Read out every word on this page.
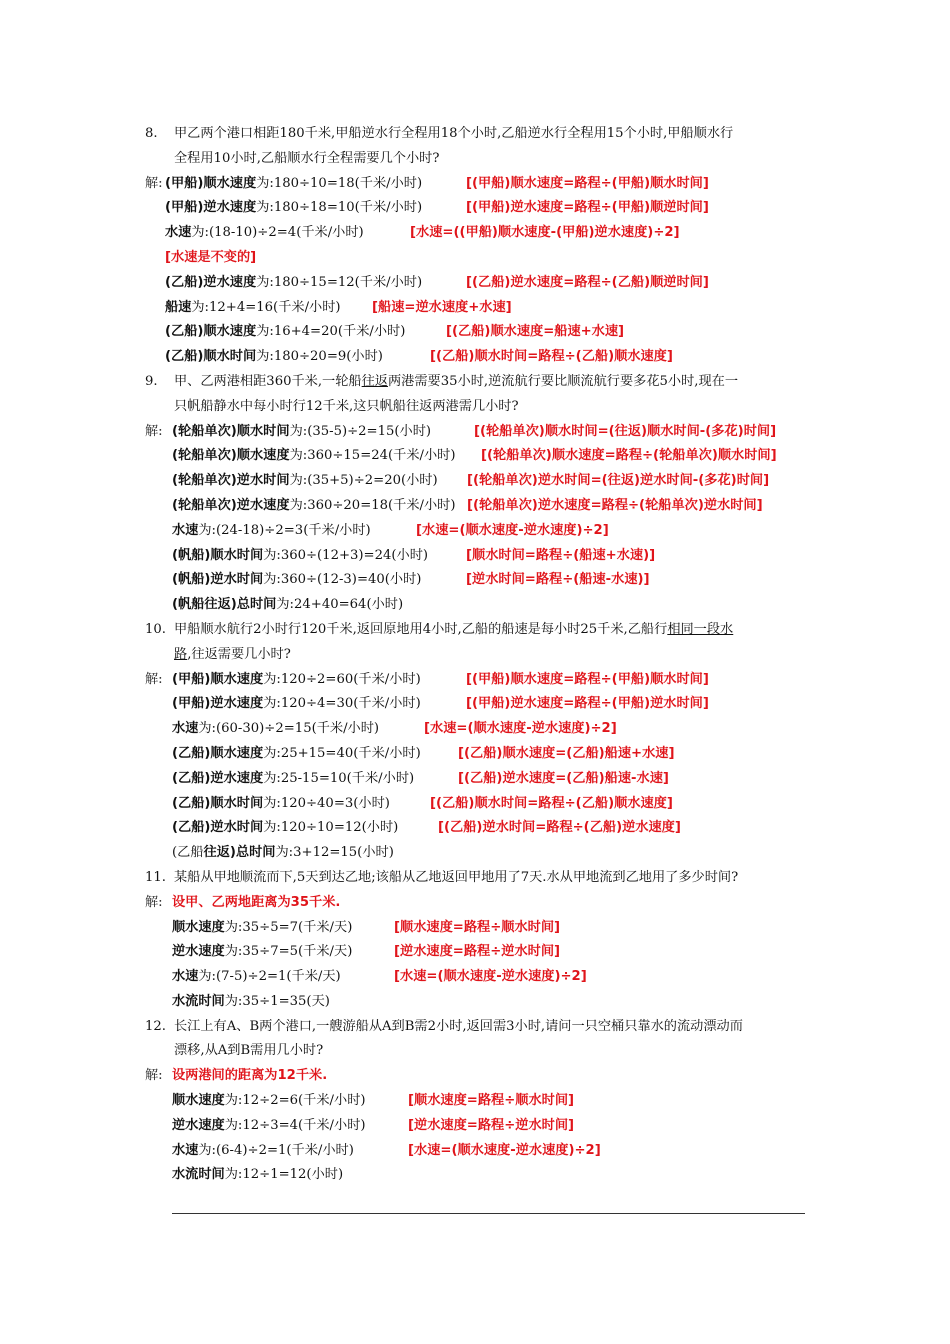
8. 甲乙两个港口相距180千米,甲船逆水行全程用18个小时,乙船逆水行全程用15个小时,甲船顺水行
全程用10小时,乙船顺水行全程需要几个小时?
解: (甲船)顺水速度为:180÷10=18(千米/小时)	[(甲船)顺水速度=路程÷(甲船)顺水时间]
(甲船)逆水速度为:180÷18=10(千米/小时)	[(甲船)逆水速度=路程÷(甲船)顺逆时间]
水速为:(18-10)÷2=4(千米/小时)	[水速=((甲船)顺水速度-(甲船)逆水速度)÷2]
[水速是不变的]
(乙船)逆水速度为:180÷15=12(千米/小时)	[(乙船)逆水速度=路程÷(乙船)顺逆时间]
船速为:12+4=16(千米/小时) [船速=逆水速度+水速]
(乙船)顺水速度为:16+4=20(千米/小时)	[(乙船)顺水速度=船速+水速]
(乙船)顺水时间为:180÷20=9(小时)	[(乙船)顺水时间=路程÷(乙船)顺水速度]
9. 甲、乙两港相距360千米,一轮船往返两港需要35小时,逆流航行要比顺流航行要多花5小时,现在一
只帆船静水中每小时行12千米,这只帆船往返两港需几小时?
解: (轮船单次)顺水时间为:(35-5)÷2=15(小时)	[(轮船单次)顺水时间=(往返)顺水时间-(多花)时间]
(轮船单次)顺水速度为:360÷15=24(千米/小时) [(轮船单次)顺水速度=路程÷(轮船单次)顺水时间]
(轮船单次)逆水时间为:(35+5)÷2=20(小时) [(轮船单次)逆水时间=(往返)逆水时间-(多花)时间]
(轮船单次)逆水速度为:360÷20=18(千米/小时) [(轮船单次)逆水速度=路程÷(轮船单次)逆水时间]
水速为:(24-18)÷2=3(千米/小时)	[水速=(顺水速度-逆水速度)÷2]
(帆船)顺水时间为:360÷(12+3)=24(小时)	[顺水时间=路程÷(船速+水速)]
(帆船)逆水时间为:360÷(12-3)=40(小时)	[逆水时间=路程÷(船速-水速)]
(帆船往返)总时间为:24+40=64(小时)
10. 甲船顺水航行2小时行120千米,返回原地用4小时,乙船的船速是每小时25千米,乙船行相同一段水
路,往返需要几小时?
解: (甲船)顺水速度为:120÷2=60(千米/小时)	[(甲船)顺水速度=路程÷(甲船)顺水时间]
(甲船)逆水速度为:120÷4=30(千米/小时)	[(甲船)逆水速度=路程÷(甲船)逆水时间]
水速为:(60-30)÷2=15(千米/小时)	[水速=(顺水速度-逆水速度)÷2]
(乙船)顺水速度为:25+15=40(千米/小时)	[(乙船)顺水速度=(乙船)船速+水速]
(乙船)逆水速度为:25-15=10(千米/小时)	[(乙船)逆水速度=(乙船)船速-水速]
(乙船)顺水时间为:120÷40=3(小时)	[(乙船)顺水时间=路程÷(乙船)顺水速度]
(乙船)逆水时间为:120÷10=12(小时)	[(乙船)逆水时间=路程÷(乙船)逆水速度]
(乙船往返)总时间为:3+12=15(小时)
11. 某船从甲地顺流而下,5天到达乙地;该船从乙地返回甲地用了7天.水从甲地流到乙地用了多少时间?
解: 设甲、乙两地距离为35千米.
顺水速度为:35÷5=7(千米/天)	[顺水速度=路程÷顺水时间]
逆水速度为:35÷7=5(千米/天)	[逆水速度=路程÷逆水时间]
水速为:(7-5)÷2=1(千米/天)	[水速=(顺水速度-逆水速度)÷2]
水流时间为:35÷1=35(天)
12. 长江上有A、B两个港口,一艘游船从A到B需2小时,返回需3小时,请问一只空桶只靠水的流动漂动而
漂移,从A到B需用几小时?
解: 设两港间的距离为12千米.
顺水速度为:12÷2=6(千米/小时)	[顺水速度=路程÷顺水时间]
逆水速度为:12÷3=4(千米/小时)	[逆水速度=路程÷逆水时间]
水速为:(6-4)÷2=1(千米/小时)	[水速=(顺水速度-逆水速度)÷2]
水流时间为:12÷1=12(小时)
